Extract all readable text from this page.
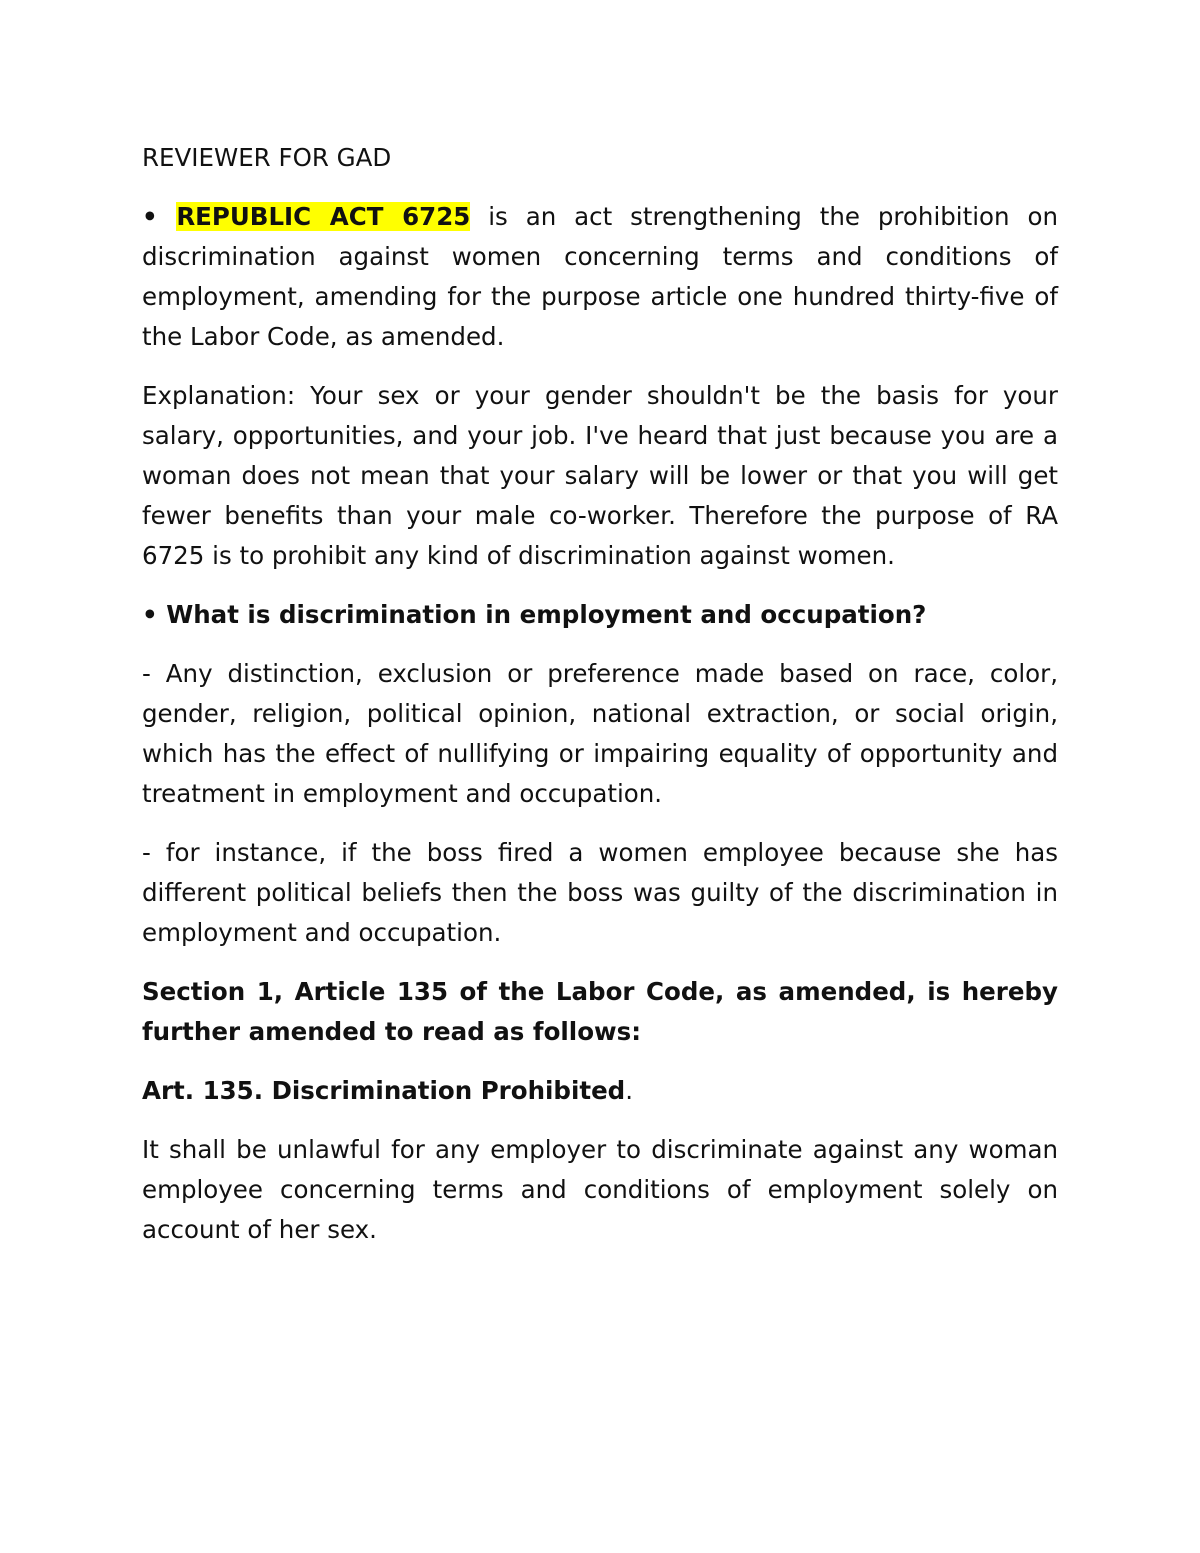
REVIEWER FOR GAD

• REPUBLIC ACT 6725 is an act strengthening the prohibition on discrimination against women concerning terms and conditions of employment, amending for the purpose article one hundred thirty-five of the Labor Code, as amended.

Explanation: Your sex or your gender shouldn't be the basis for your salary, opportunities, and your job. I've heard that just because you are a woman does not mean that your salary will be lower or that you will get fewer benefits than your male co-worker. Therefore the purpose of RA 6725 is to prohibit any kind of discrimination against women.

• What is discrimination in employment and occupation?

- Any distinction, exclusion or preference made based on race, color, gender, religion, political opinion, national extraction, or social origin, which has the effect of nullifying or impairing equality of opportunity and treatment in employment and occupation.

- for instance, if the boss fired a women employee because she has different political beliefs then the boss was guilty of the discrimination in employment and occupation.

Section 1, Article 135 of the Labor Code, as amended, is hereby further amended to read as follows:

Art. 135. Discrimination Prohibited.

It shall be unlawful for any employer to discriminate against any woman employee concerning terms and conditions of employment solely on account of her sex.
